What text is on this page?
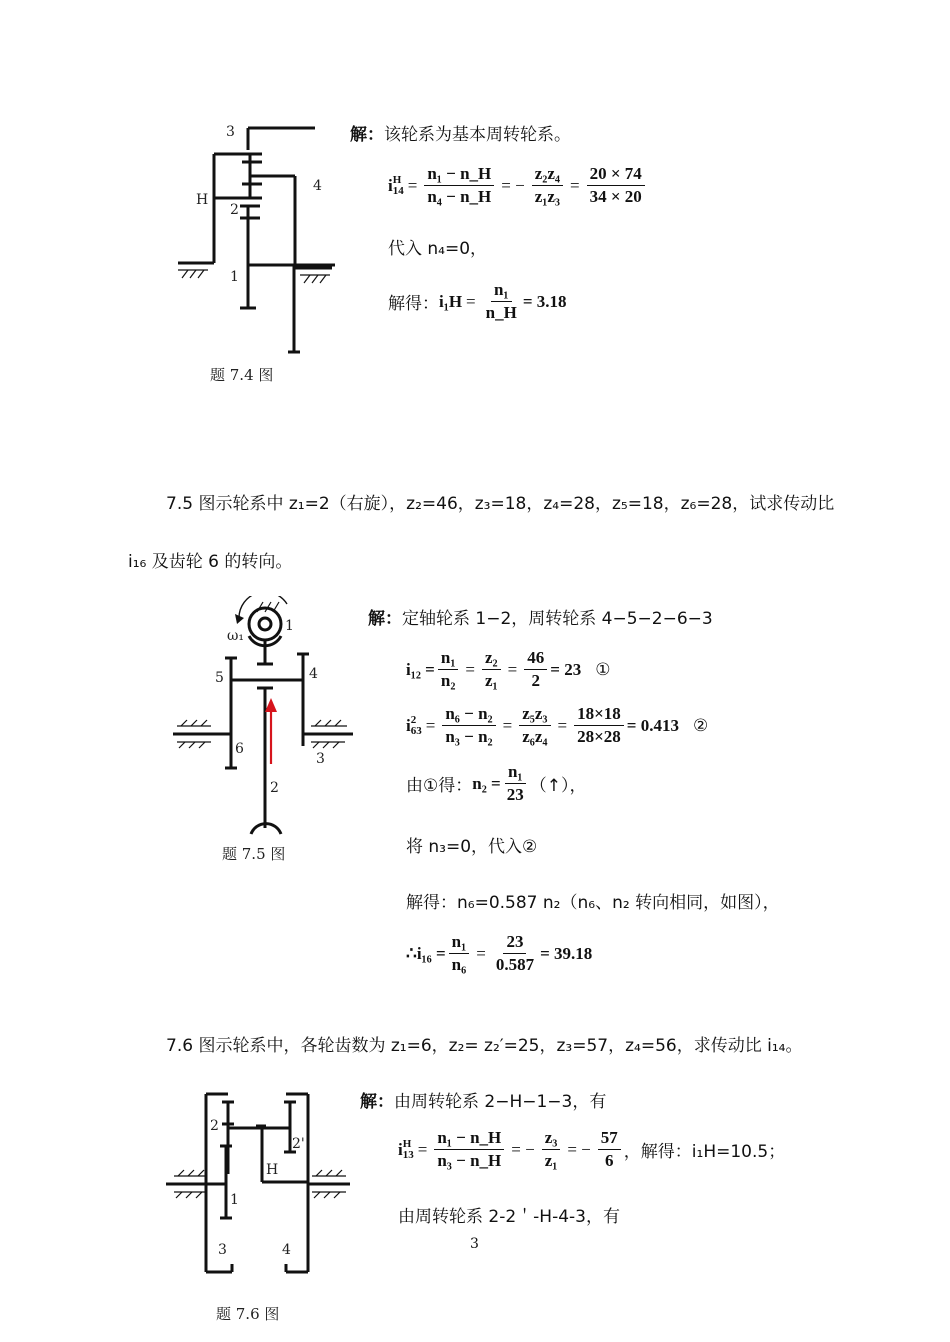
3
4
H
2
1
题 7.4 图
解：该轮系为基本周转轮系。
i H
$14 = \frac{\text{n₁ − n\_H}}{\text{n₄ − n\_H}}$ = − $\frac{\text{z₂z₄}}{\text{z₁z₃}} = \frac{20 \times 74}{34 \times 20}$
代入 n₄=0，
解得： $i_1H = \frac{\text{n₁}}{n\_H} = 3.18$
7.5 图示轮系中 z₁=2（右旋），z₂=46，z₃=18，z₄=28，z₅=18，z₆=28，试求传动比
i₁₆ 及齿轮 6 的转向。
ω₁
1
5	4
6
3
2
题 7.5 图
解：定轴轮系 1−2，周转轮系 4−5−2−6−3
$i_{12} = \frac{\text{n₁}}{\text{n₂}} = \frac{\text{z₂}}{\text{z₁}} = \frac{46}{2} = 23$ ①
i 2
$63 = \frac{\text{n₆ − n₂}}{\text{n₃ − n₂}} = \frac{\text{z₅z₃}}{\text{z₆z₄}} = \frac{18\times 18}{28\times 28} = 0.413$ ②
由①得： $n_2 = \frac{\text{n₁}}{23}$ （↑），
将 n₃=0，代入②
解得：n₆=0.587 n₂（n₆、n₂ 转向相同，如图），
∴i₁₆ = $\frac{\text{n₁}}{\text{n₆}} = \frac{23}{0.587} = 39.18$
7.6 图示轮系中，各轮齿数为 z₁=6，z₂= z₂′=25，z₃=57，z₄=56，求传动比 i₁₄。
2
2'
H
1
3	4
题 7.6 图
解：由周转轮系 2−H−1−3，有
i H
$13 = \frac{\text{n₁ − n\_H}}{\text{n₃ − n\_H}}$ = − $\frac{\text{z₃}}{\text{z₁}}$ = − $\frac{57}{6}$ ，解得：i₁H=10.5；
由周转轮系 2-2＇-H-4-3，有
3
